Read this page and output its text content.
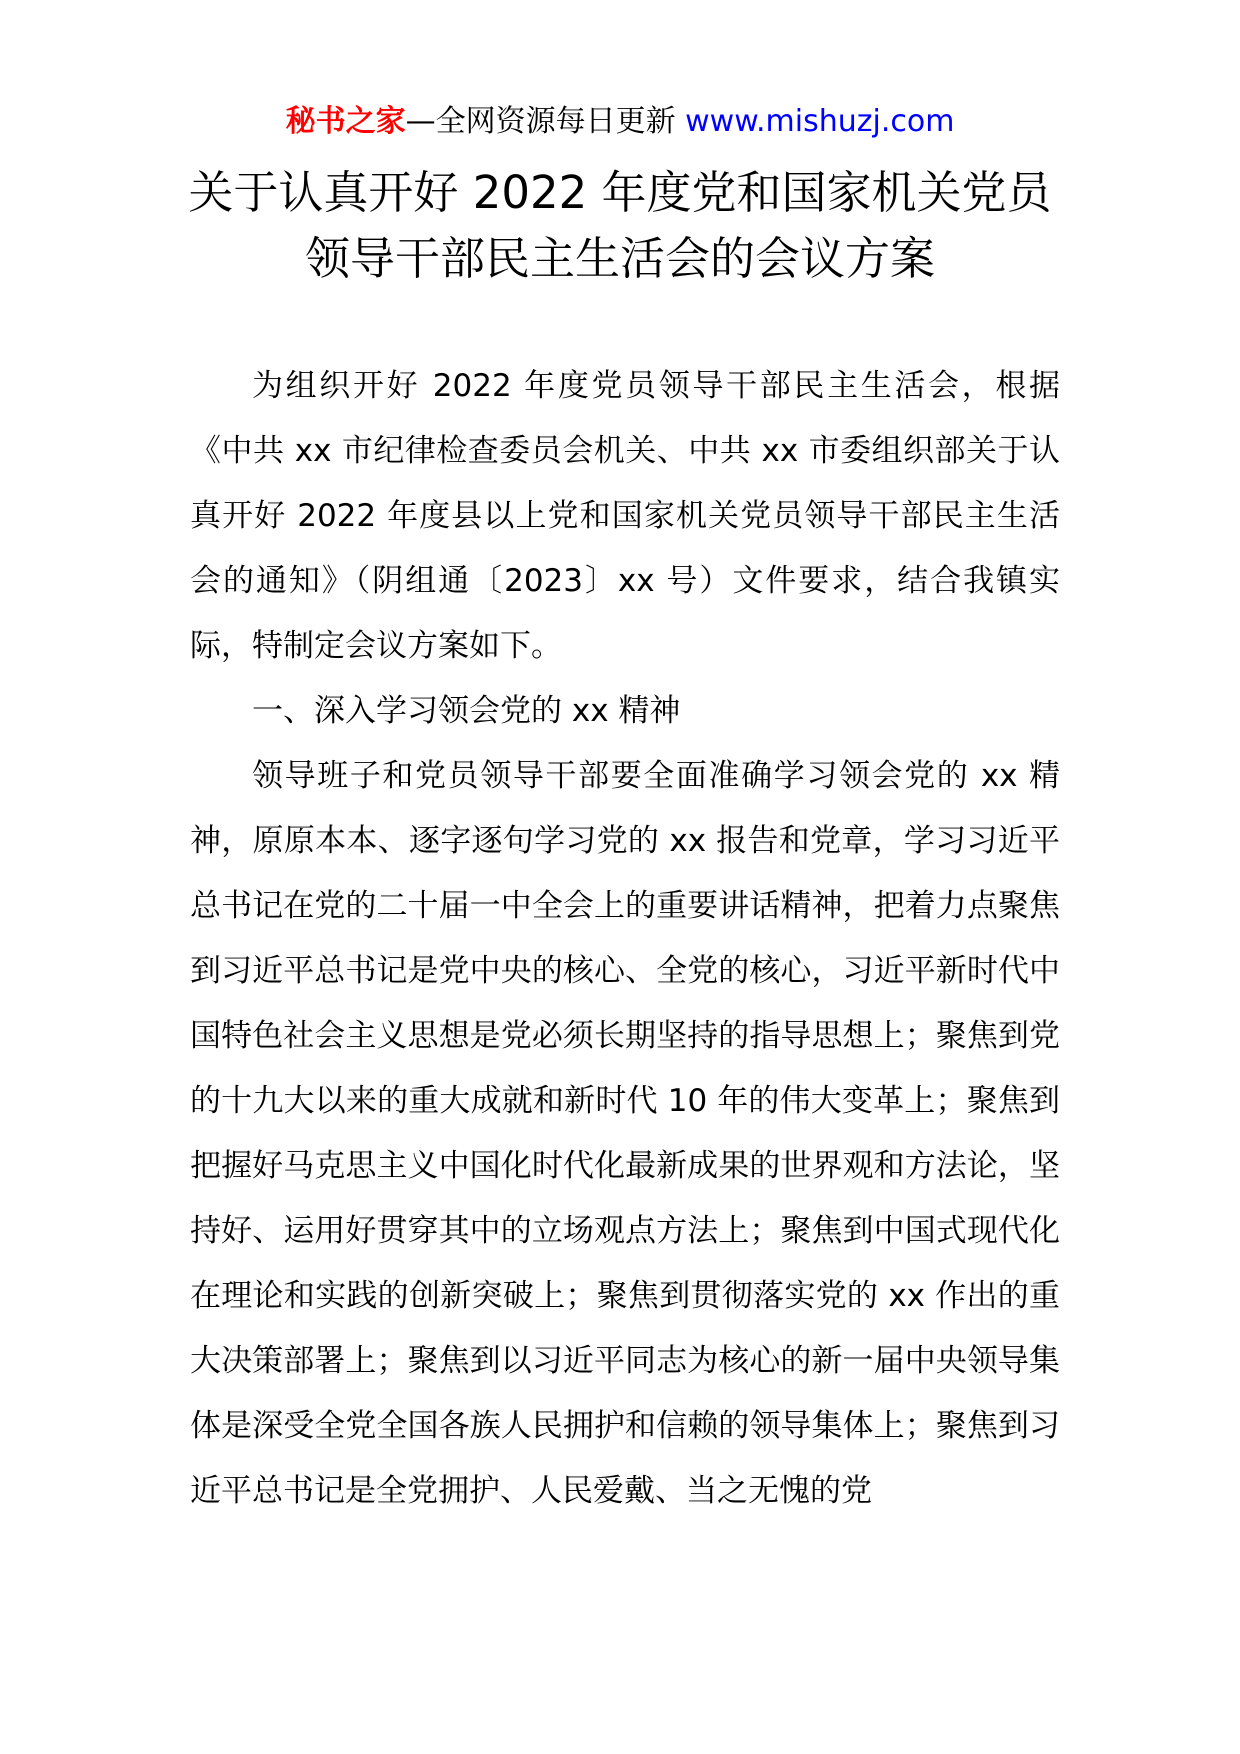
秘书之家—全网资源每日更新 www.mishuzj.com
关于认真开好 2022 年度党和国家机关党员
领导干部民主生活会的会议方案

为组织开好 2022 年度党员领导干部民主生活会，根据《中共 xx 市纪律检查委员会机关、中共 xx 市委组织部关于认真开好 2022 年度县以上党和国家机关党员领导干部民主生活会的通知》（阴组通〔2023〕xx 号）文件要求，结合我镇实际，特制定会议方案如下。

一、深入学习领会党的 xx 精神

领导班子和党员领导干部要全面准确学习领会党的 xx 精神，原原本本、逐字逐句学习党的 xx 报告和党章，学习习近平总书记在党的二十届一中全会上的重要讲话精神，把着力点聚焦到习近平总书记是党中央的核心、全党的核心，习近平新时代中国特色社会主义思想是党必须长期坚持的指导思想上；聚焦到党的十九大以来的重大成就和新时代 10 年的伟大变革上；聚焦到把握好马克思主义中国化时代化最新成果的世界观和方法论，坚持好、运用好贯穿其中的立场观点方法上；聚焦到中国式现代化在理论和实践的创新突破上；聚焦到贯彻落实党的 xx 作出的重大决策部署上；聚焦到以习近平同志为核心的新一届中央领导集体是深受全党全国各族人民拥护和信赖的领导集体上；聚焦到习近平总书记是全党拥护、人民爱戴、当之无愧的党
